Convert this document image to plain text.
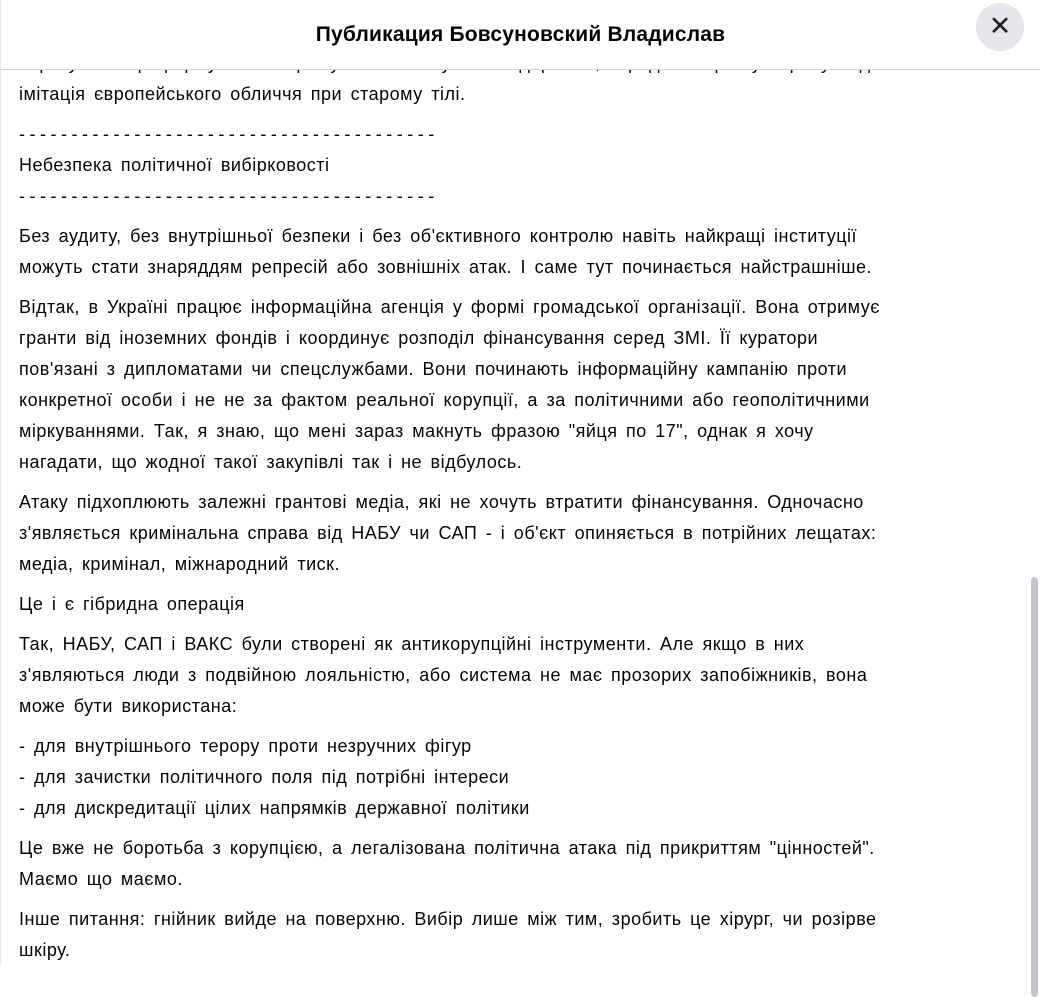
Публикация Бовсуновский Владислав	✕

імітація європейського обличчя при старому тілі.

----------------------------------------
Небезпека політичної вибірковості
----------------------------------------

Без аудиту, без внутрішньої безпеки і без об'єктивного контролю навіть найкращі інституції
можуть стати знаряддям репресій або зовнішніх атак. І саме тут починається найстрашніше.

Відтак, в Україні працює інформаційна агенція у формі громадської організації. Вона отримує
гранти від іноземних фондів і координує розподіл фінансування серед ЗМІ. Її куратори
пов'язані з дипломатами чи спецслужбами. Вони починають інформаційну кампанію проти
конкретної особи і не не за фактом реальної корупції, а за політичними або геополітичними
міркуваннями. Так, я знаю, що мені зараз макнуть фразою "яйця по 17", однак я хочу
нагадати, що жодної такої закупівлі так і не відбулось.

Атаку підхоплюють залежні грантові медіа, які не хочуть втратити фінансування. Одночасно
з'являється кримінальна справа від НАБУ чи САП - і об'єкт опиняється в потрійних лещатах:
медіа, кримінал, міжнародний тиск.

Це і є гібридна операція

Так, НАБУ, САП і ВАКС були створені як антикорупційні інструменти. Але якщо в них
з'являються люди з подвійною лояльністю, або система не має прозорих запобіжників, вона
може бути використана:

- для внутрішнього терору проти незручних фігур
- для зачистки політичного поля під потрібні інтереси
- для дискредитації цілих напрямків державної політики

Це вже не боротьба з корупцією, а легалізована політична атака під прикриттям "цінностей".
Маємо що маємо.

Інше питання: гнійник вийде на поверхню. Вибір лише між тим, зробить це хірург, чи розірве
шкіру.
